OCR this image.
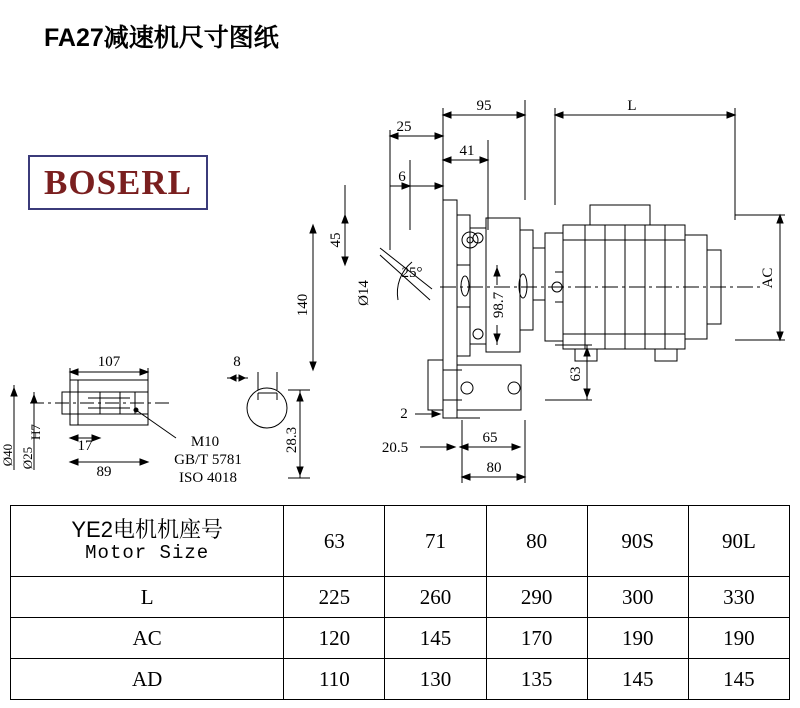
FA27减速机尺寸图纸
BOSERL
95	L
25
41
6
45
140	Ø14
25°
98.7
AC
63
2
20.5
65
80
107
Ø40 Ø25
H7
17
89
M10
GB/T 5781
ISO 4018
8
28.3
YE2电机机座号
Motor Size	63	71	80	90S	90L
L	225	260	290	300	330
AC	120	145	170	190	190
AD	110	130	135	145	145
